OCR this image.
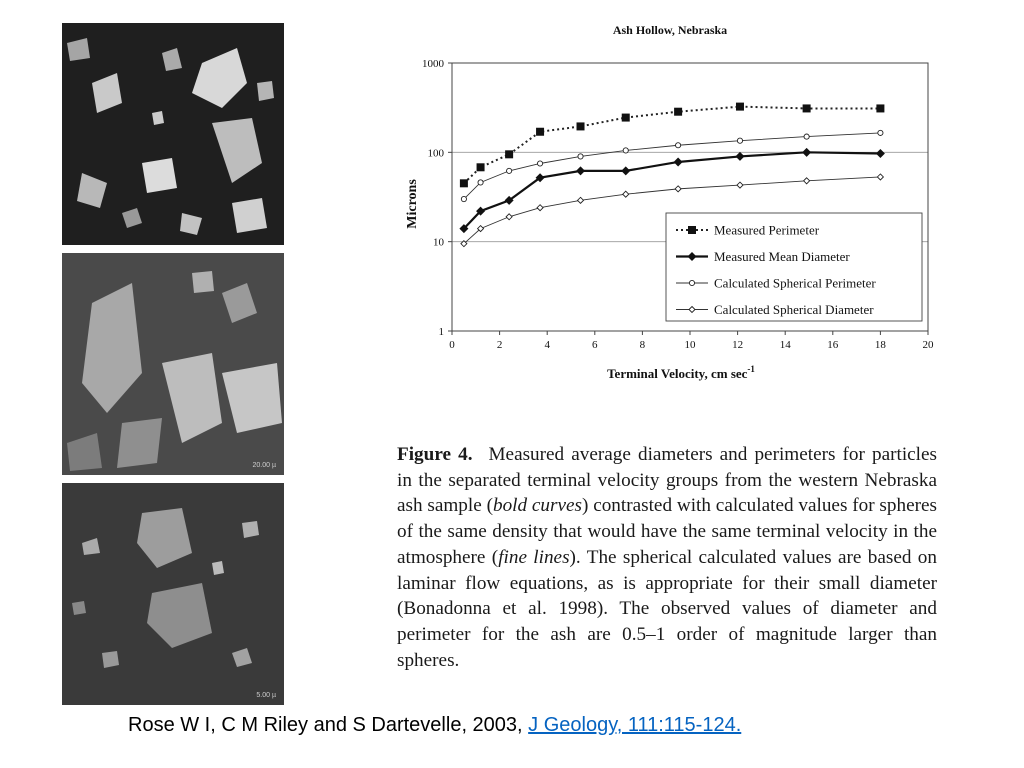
20.00 µ
5.00 µ
1
10
100
1000
0	2	4	6	8	10	12	14	16	18	20
Measured Perimeter
Measured Mean Diameter
Calculated Spherical Perimeter
Calculated Spherical Diameter
Ash Hollow, Nebraska
Microns
Terminal Velocity, cm $\sec^{-1}$

Figure 4. Measured average diameters and perimeters for particles in the separated terminal velocity groups from the western Nebraska ash sample (bold curves) contrasted with calculated values for spheres of the same density that would have the same terminal velocity in the atmosphere (fine lines). The spherical calculated values are based on laminar flow equations, as is appropriate for their small diameter (Bonadonna et al. 1998). The observed values of diameter and perimeter for the ash are 0.5–1 order of magnitude larger than spheres.

Rose W I, C M Riley and S Dartevelle, 2003, J Geology, 111:115-124.
